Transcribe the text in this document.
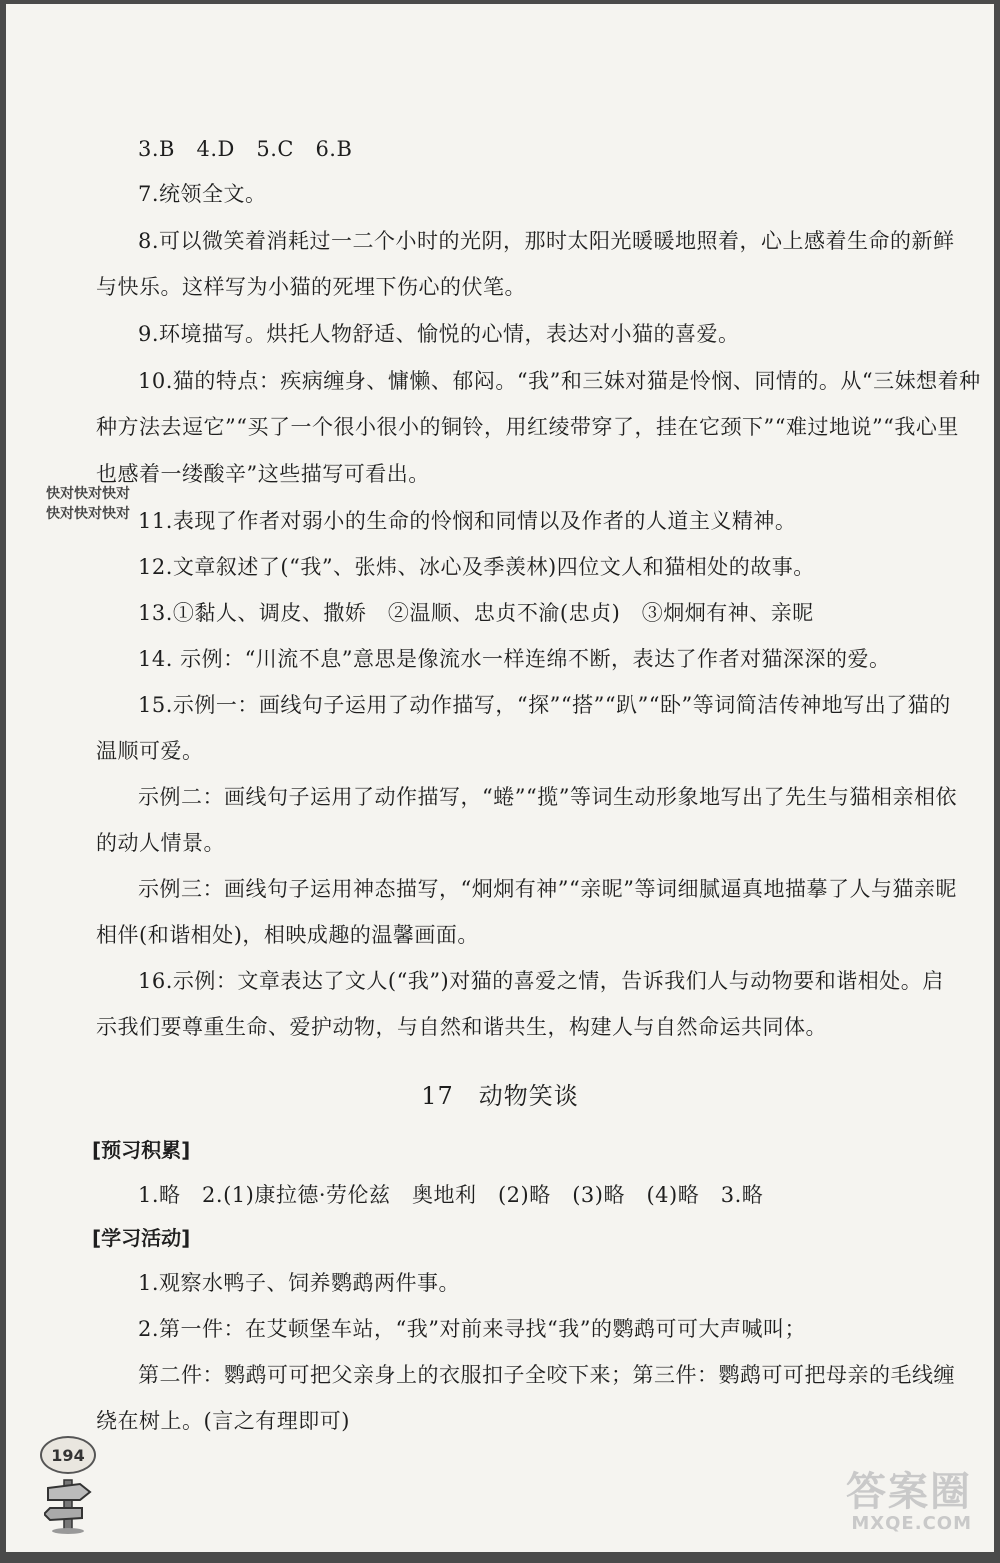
3.B　4.D　5.C　6.B
7.统领全文。
8.可以微笑着消耗过一二个小时的光阴，那时太阳光暖暖地照着，心上感着生命的新鲜
与快乐。这样写为小猫的死埋下伤心的伏笔。
9.环境描写。烘托人物舒适、愉悦的心情，表达对小猫的喜爱。
10.猫的特点：疾病缠身、慵懒、郁闷。“我”和三妹对猫是怜悯、同情的。从“三妹想着种
种方法去逗它”“买了一个很小很小的铜铃，用红绫带穿了，挂在它颈下”“难过地说”“我心里
也感着一缕酸辛”这些描写可看出。
快对快对快对
快对快对快对 11.表现了作者对弱小的生命的怜悯和同情以及作者的人道主义精神。
12.文章叙述了(“我”、张炜、冰心及季羡林)四位文人和猫相处的故事。
13.①黏人、调皮、撒娇　②温顺、忠贞不渝(忠贞)　③炯炯有神、亲昵
14. 示例：“川流不息”意思是像流水一样连绵不断，表达了作者对猫深深的爱。
15.示例一：画线句子运用了动作描写，“探”“搭”“趴”“卧”等词简洁传神地写出了猫的
温顺可爱。
示例二：画线句子运用了动作描写，“蜷”“揽”等词生动形象地写出了先生与猫相亲相依
的动人情景。
示例三：画线句子运用神态描写，“炯炯有神”“亲昵”等词细腻逼真地描摹了人与猫亲昵
相伴(和谐相处)，相映成趣的温馨画面。
16.示例：文章表达了文人(“我”)对猫的喜爱之情，告诉我们人与动物要和谐相处。启
示我们要尊重生命、爱护动物，与自然和谐共生，构建人与自然命运共同体。
17　动物笑谈
[预习积累]
1.略　2.(1)康拉德·劳伦兹　奥地利　(2)略　(3)略　(4)略　3.略
[学习活动]
1.观察水鸭子、饲养鹦鹉两件事。
2.第一件：在艾顿堡车站，“我”对前来寻找“我”的鹦鹉可可大声喊叫；
第二件：鹦鹉可可把父亲身上的衣服扣子全咬下来；第三件：鹦鹉可可把母亲的毛线缠
绕在树上。(言之有理即可)
194
答案圈
MXQE.COM
